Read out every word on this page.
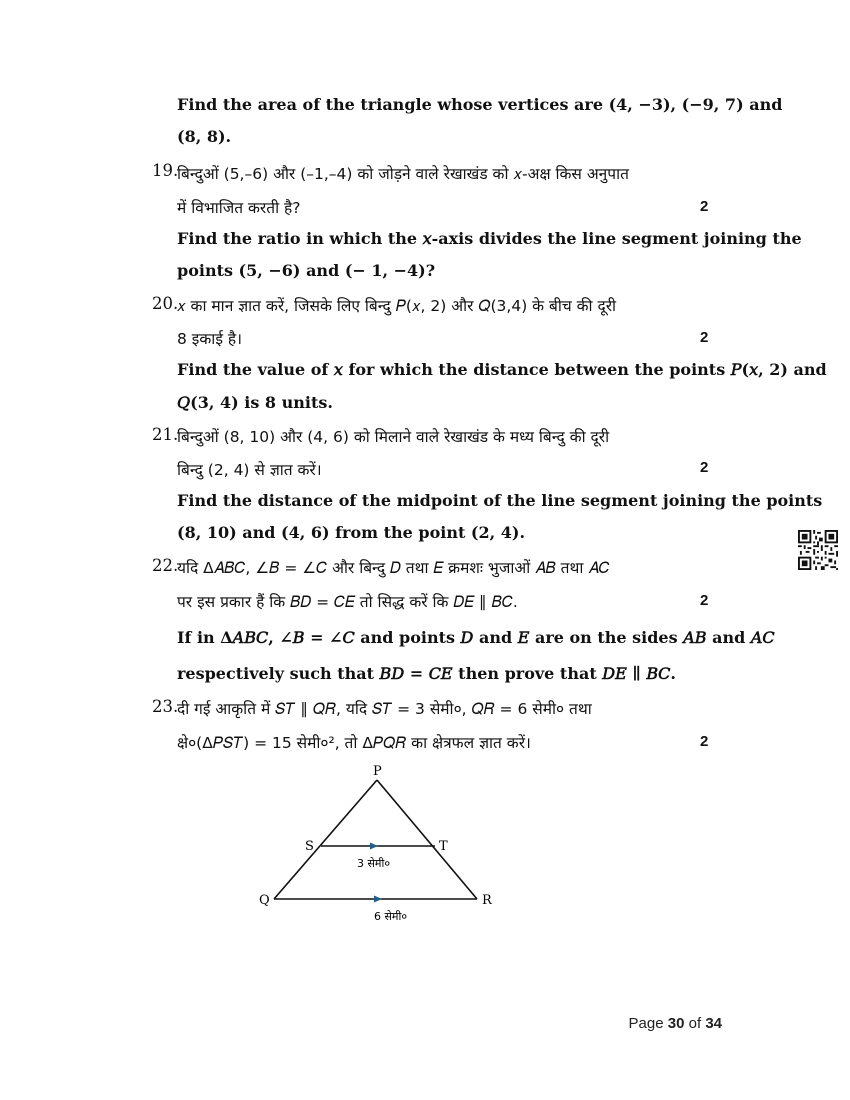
Find the area of the triangle whose vertices are (4, −3), (−9, 7) and
(8, 8).
19.
बिन्दुओं (5,–6) और (–1,–4) को जोड़ने वाले रेखाखंड को 𝑥-अक्ष किस अनुपात
में विभाजित करती है?	2
Find the ratio in which the 𝑥-axis divides the line segment joining the
points (5, −6) and (− 1, −4)?
20.
𝑥 का मान ज्ञात करें, जिसके लिए बिन्दु 𝑃(𝑥, 2) और 𝑄(3,4) के बीच की दूरी
8 इकाई है।	2
Find the value of 𝑥 for which the distance between the points 𝑃(𝑥, 2) and
𝑄(3, 4) is 8 units.
21.
बिन्दुओं (8, 10) और (4, 6) को मिलाने वाले रेखाखंड के मध्य बिन्दु की दूरी
बिन्दु (2, 4) से ज्ञात करें।	2
Find the distance of the midpoint of the line segment joining the points
(8, 10) and (4, 6) from the point (2, 4).
22.
यदि Δ𝐴𝐵𝐶, ∠𝐵 = ∠𝐶 और बिन्दु 𝐷 तथा 𝐸 क्रमशः भुजाओं 𝐴𝐵 तथा 𝐴𝐶
पर इस प्रकार हैं कि 𝐵𝐷 = 𝐶𝐸 तो सिद्ध करें कि 𝐷𝐸 ∥ 𝐵𝐶.	2
If in Δ𝐴𝐵𝐶, ∠𝐵 = ∠𝐶 and points 𝐷 and 𝐸 are on the sides 𝐴𝐵 and 𝐴𝐶
respectively such that 𝐵𝐷 = 𝐶𝐸 then prove that 𝐷𝐸 ∥ 𝐵𝐶.
23.
दी गई आकृति में 𝑆𝑇 ∥ 𝑄𝑅, यदि 𝑆𝑇 = 3 सेमी०, 𝑄𝑅 = 6 सेमी० तथा
क्षे०(Δ𝑃𝑆𝑇) = 15 सेमी०², तो Δ𝑃𝑄𝑅 का क्षेत्रफल ज्ञात करें।	2
P
S	T
Q	R
3 सेमी०
6 सेमी०
Page 30 of 34
